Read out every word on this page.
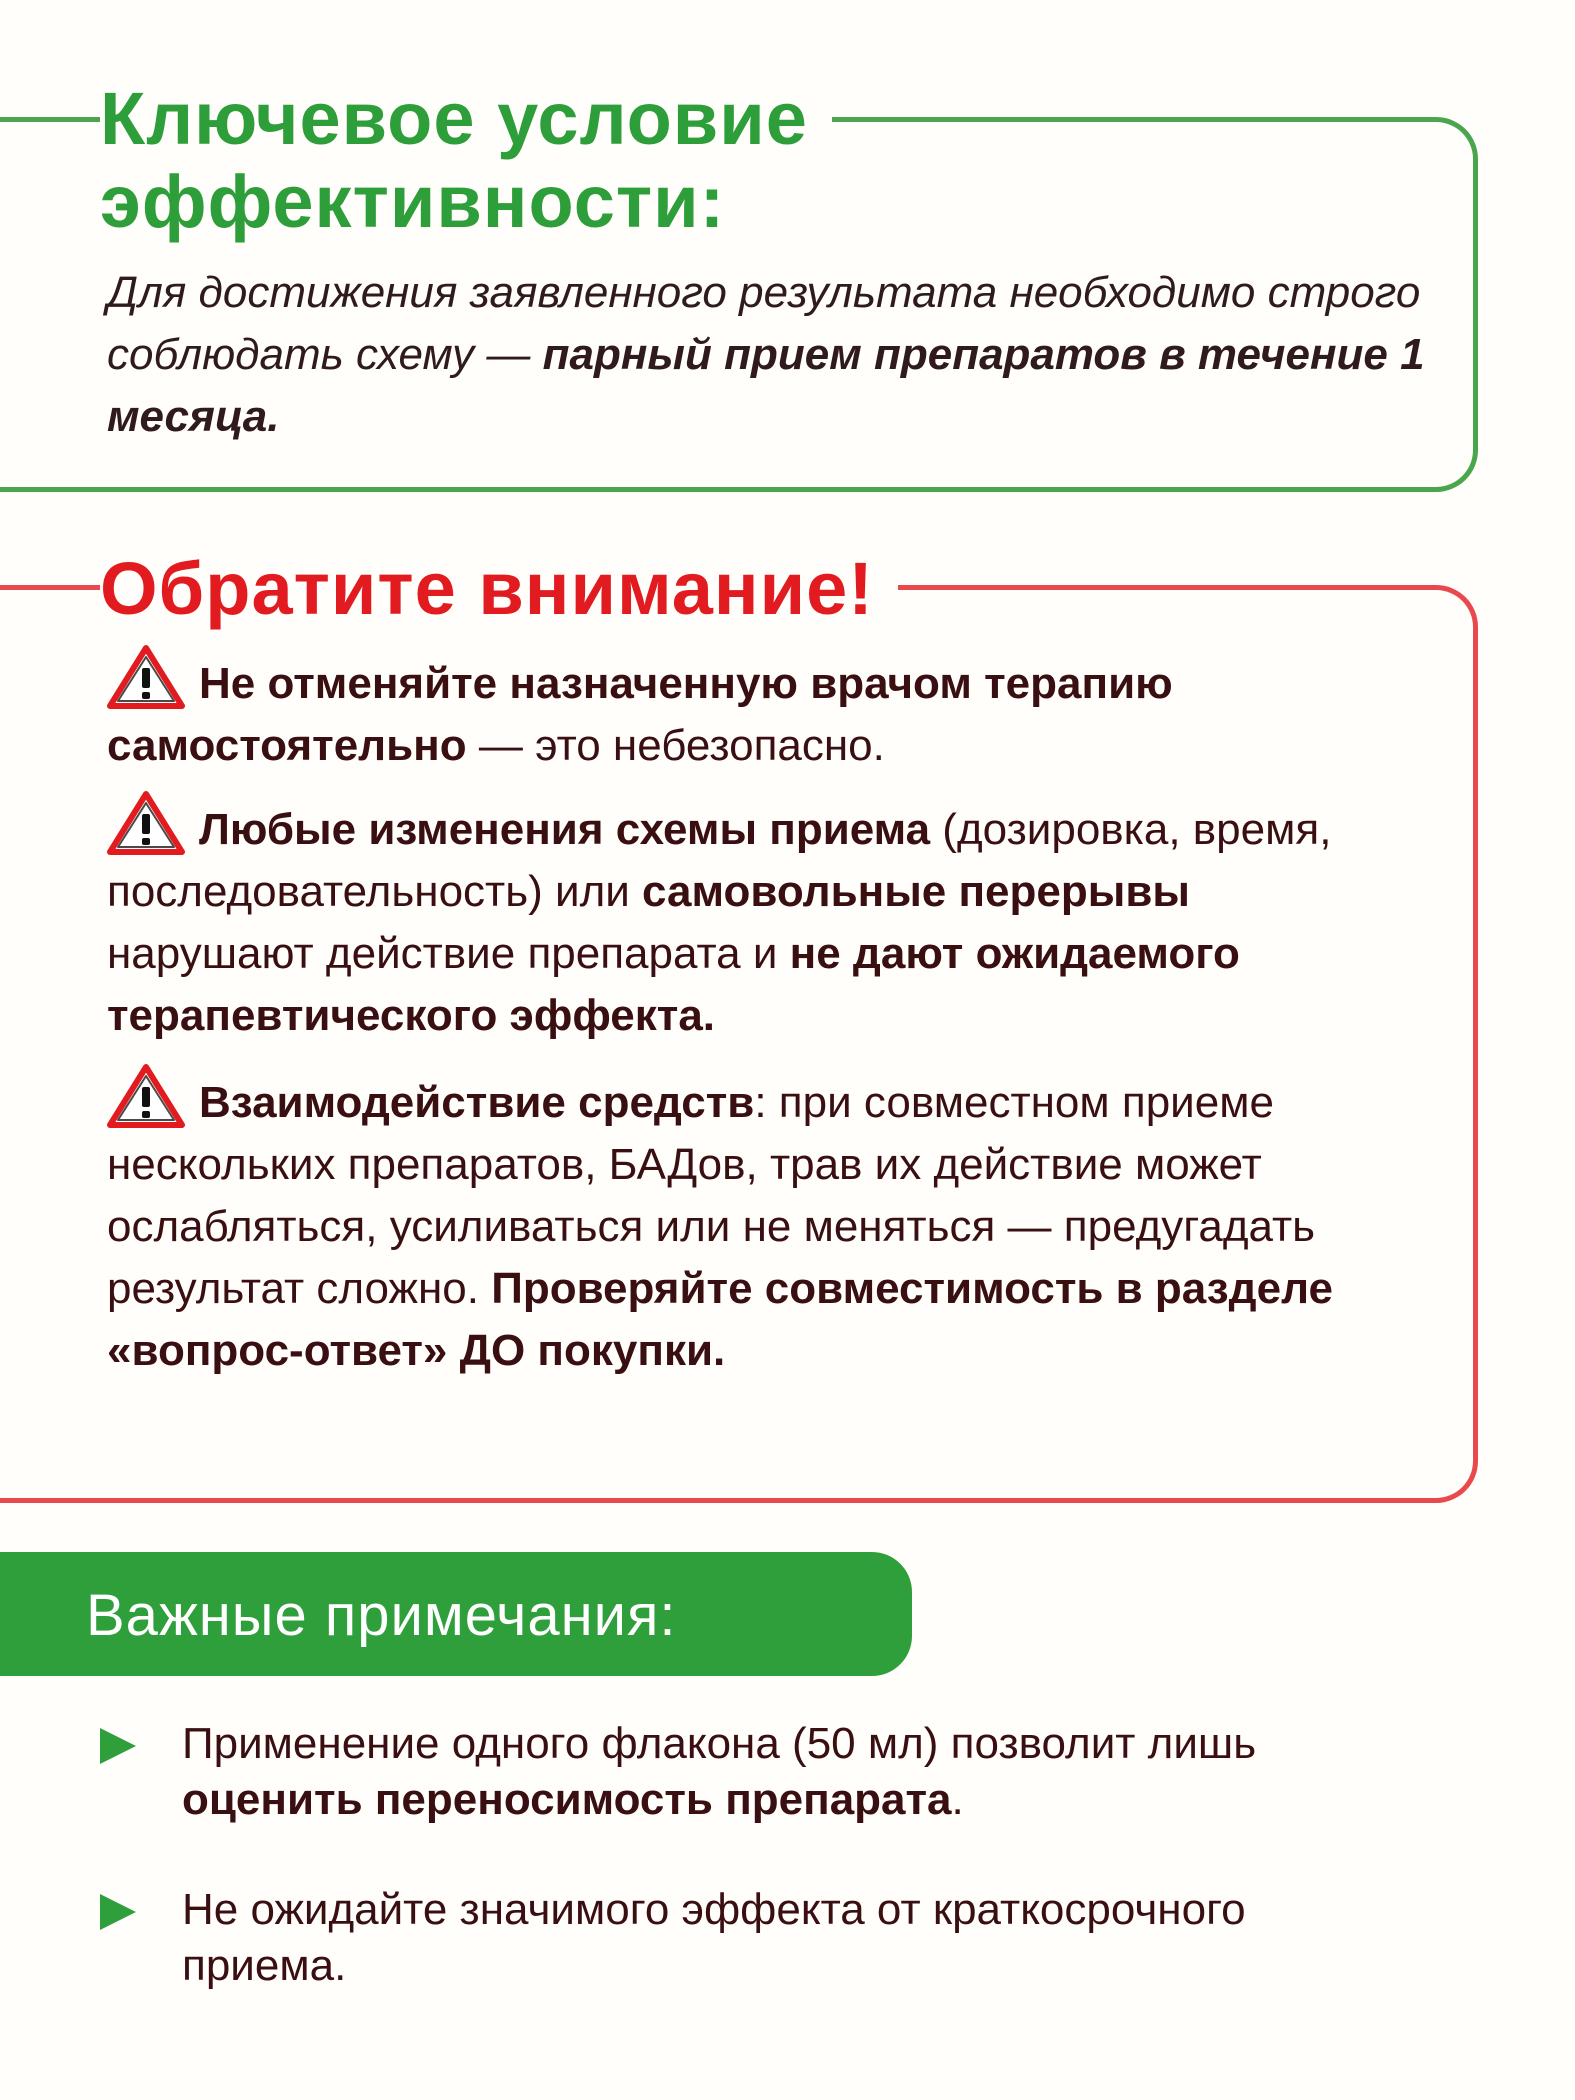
Ключевое условие
эффективности:

Для достижения заявленного результата необходимо строго соблюдать схему — парный прием препаратов в течение 1 месяца.

Обратите внимание!

Не отменяйте назначенную врачом терапию самостоятельно — это небезопасно.
Любые изменения схемы приема (дозировка, время, последовательность) или самовольные перерывы нарушают действие препарата и не дают ожидаемого терапевтического эффекта.
Взаимодействие средств: при совместном приеме нескольких препаратов, БАДов, трав их действие может ослабляться, усиливаться или не меняться — предугадать результат сложно. Проверяйте совместимость в разделе «вопрос-ответ» ДО покупки.

Важные примечания:

Применение одного флакона (50 мл) позволит лишь оценить переносимость препарата.
Не ожидайте значимого эффекта от краткосрочного приема.
